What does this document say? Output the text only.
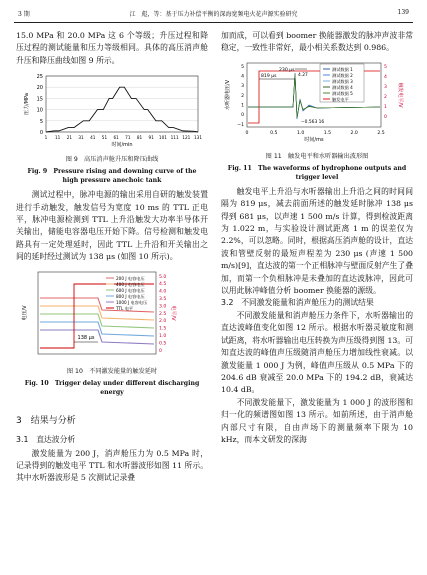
3 期	江　彪，等：基于压力补偿平衡的深海宽频电火花声源实验研究	139

15.0 MPa 和 20.0 MPa 这 6 个等级；升压过程和降压过程的测试能量和压力等级相同。具体的高压消声舱升压和降压曲线如图 9 所示。

0
5
10
15
20
25
1 11 21 31 41 51 61 71 81 91 101 111 121 131
时间/min
压力/MPa
图 9　高压消声舱升压和降压曲线
Fig. 9　Pressure rising and downing curve of the
high pressure anechoic tank

测试过程中，脉冲电源的输出采用自研的触发装置进行手动触发，触发信号为宽度 10 ms 的 TTL 正电平，脉冲电源检测到 TTL 上升沿触发大功率半导体开关输出，储能电容器电压开始下降。信号检测和触发电路具有一定处理延时，因此 TTL 上升沿和开关输出之间的延时经过测试为 138 μs (如图 10 所示)。

5.0
4.5
4.0
3.5
3.0
2.5
2.0
1.5
1.0
0.5
0
电平/V
电压/V
138 μs
200 J 电容电压
400 J 电容电压
600 J 电容电压
800 J 电容电压
1000 J 电容电压
TTL 电平
图 10　不同激发能量的触发延时
Fig. 10　Trigger delay under different discharging energy
3　结果与分析
3.1　直达波分析

激发能量为 200 J，消声舱压力为 0.5 MPa 时，记录得到的触发电平 TTL 和水听器波形如图 11 所示。其中水听器波形是 5 次测试记录叠

加而成，可以看到 boomer 换能器激发的脉冲声波非常稳定，一致性非常好，最小相关系数达到 0.986。

5
4
3
2
1
0
−1
5
4
3
2
1
0
0	0.5	1.0	1.5	2.0	2.5
时间/ms
水听器电压/V	触发电平/V
819 μs
230 μs
4.27
−0.563 16
测试数据 1
测试数据 2
测试数据 3
测试数据 4
测试数据 5
触发电平
图 11　触发电平和水听器输出波形图
Fig. 11　The waveforms of hydrophone outputs and
trigger level

触发电平上升沿与水听器输出上升沿之间的时间间隔为 819 μs，减去前面所述的触发延时脉冲 138 μs 得到 681 μs，以声速 1 500 m/s 计算，得到检波距离为 1.022 m，与实验设计测试距离 1 m 的误差仅为 2.2%，可以忽略。同时，根据高压消声舱的设计，直达波和管壁反射的最短声程差为 230 μs (声速 1 500 m/s)[9]，直达波的第一个正相脉冲与壁面反射产生了叠加，而第一个负相脉冲是未叠加的直达波脉冲，因此可以用此脉冲峰值分析 boomer 换能器的源级。

3.2　不同激发能量和消声舱压力的测试结果

不同激发能量和消声舱压力条件下，水听器输出的直达波峰值变化如图 12 所示。根据水听器灵敏度和测试距离，将水听器输出电压转换为声压级得到图 13。可知直达波的峰值声压级随消声舱压力增加线性衰减。以激发能量 1 000 J 为例，峰值声压级从 0.5 MPa 下的 204.6 dB 衰减至 20.0 MPa 下的 194.2 dB，衰减达 10.4 dB。

不同激发能量下，激发能量为 1 000 J 的波形图和归一化的频谱图如图 13 所示。如前所述，由于消声舱内部尺寸有限，自由声场下的测量频率下限为 10 kHz，而本文研发的深海
